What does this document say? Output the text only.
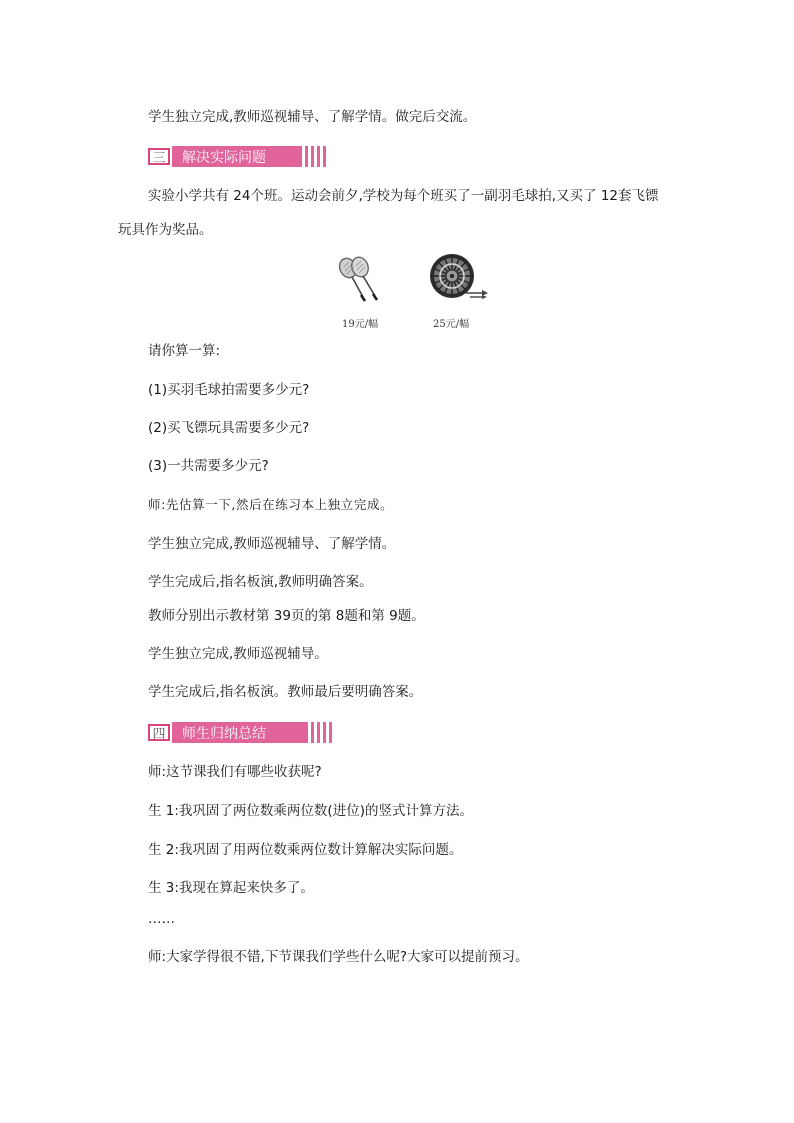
学生独立完成,教师巡视辅导、了解学情。做完后交流。
三	解决实际问题
实验小学共有 24个班。运动会前夕,学校为每个班买了一副羽毛球拍,又买了 12套飞镖
玩具作为奖品。
19元/幅	25元/幅
请你算一算:
(1)买羽毛球拍需要多少元?
(2)买飞镖玩具需要多少元?
(3)一共需要多少元?
师:先估算一下,然后在练习本上独立完成。
学生独立完成,教师巡视辅导、了解学情。
学生完成后,指名板演,教师明确答案。
教师分别出示教材第 39页的第 8题和第 9题。
学生独立完成,教师巡视辅导。
学生完成后,指名板演。教师最后要明确答案。
四	师生归纳总结
师:这节课我们有哪些收获呢?
生 1:我巩固了两位数乘两位数(进位)的竖式计算方法。
生 2:我巩固了用两位数乘两位数计算解决实际问题。
生 3:我现在算起来快多了。
……
师:大家学得很不错,下节课我们学些什么呢?大家可以提前预习。
